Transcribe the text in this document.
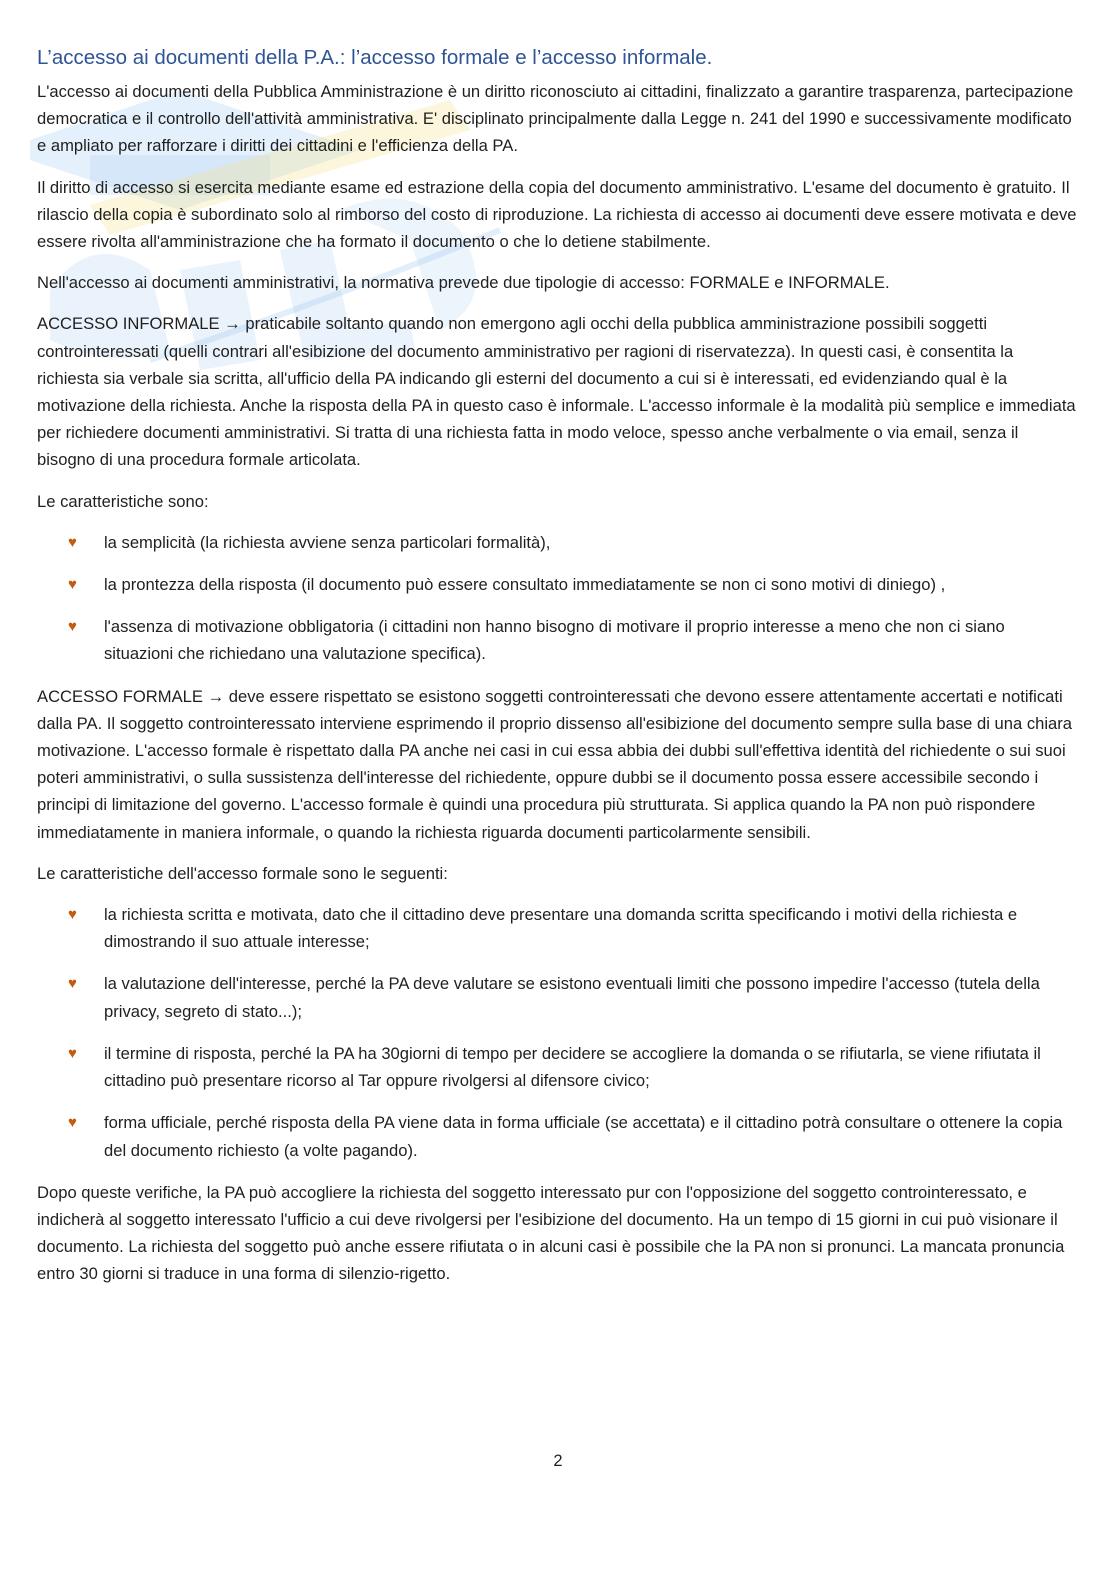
L’accesso ai documenti della P.A.: l’accesso formale e l’accesso informale.

L'accesso ai documenti della Pubblica Amministrazione è un diritto riconosciuto ai cittadini, finalizzato a garantire trasparenza, partecipazione democratica e il controllo dell'attività amministrativa. E' disciplinato principalmente dalla Legge n. 241 del 1990 e successivamente modificato e ampliato per rafforzare i diritti dei cittadini e l'efficienza della PA.

Il diritto di accesso si esercita mediante esame ed estrazione della copia del documento amministrativo. L'esame del documento è gratuito. Il rilascio della copia è subordinato solo al rimborso del costo di riproduzione. La richiesta di accesso ai documenti deve essere motivata e deve essere rivolta all'amministrazione che ha formato il documento o che lo detiene stabilmente.

Nell'accesso ai documenti amministrativi, la normativa prevede due tipologie di accesso: FORMALE e INFORMALE.

ACCESSO INFORMALE → praticabile soltanto quando non emergono agli occhi della pubblica amministrazione possibili soggetti controinteressati (quelli contrari all'esibizione del documento amministrativo per ragioni di riservatezza). In questi casi, è consentita la richiesta sia verbale sia scritta, all'ufficio della PA indicando gli esterni del documento a cui si è interessati, ed evidenziando qual è la motivazione della richiesta. Anche la risposta della PA in questo caso è informale. L'accesso informale è la modalità più semplice e immediata per richiedere documenti amministrativi. Si tratta di una richiesta fatta in modo veloce, spesso anche verbalmente o via email, senza il bisogno di una procedura formale articolata.

Le caratteristiche sono:

♥ la semplicità (la richiesta avviene senza particolari formalità),
♥ la prontezza della risposta (il documento può essere consultato immediatamente se non ci sono motivi di diniego) ,
♥ l'assenza di motivazione obbligatoria (i cittadini non hanno bisogno di motivare il proprio interesse a meno che non ci siano situazioni che richiedano una valutazione specifica).

ACCESSO FORMALE → deve essere rispettato se esistono soggetti controinteressati che devono essere attentamente accertati e notificati dalla PA. Il soggetto controinteressato interviene esprimendo il proprio dissenso all'esibizione del documento sempre sulla base di una chiara motivazione. L'accesso formale è rispettato dalla PA anche nei casi in cui essa abbia dei dubbi sull'effettiva identità del richiedente o sui suoi poteri amministrativi, o sulla sussistenza dell'interesse del richiedente, oppure dubbi se il documento possa essere accessibile secondo i principi di limitazione del governo. L'accesso formale è quindi una procedura più strutturata. Si applica quando la PA non può rispondere immediatamente in maniera informale, o quando la richiesta riguarda documenti particolarmente sensibili.

Le caratteristiche dell'accesso formale sono le seguenti:

♥ la richiesta scritta e motivata, dato che il cittadino deve presentare una domanda scritta specificando i motivi della richiesta e dimostrando il suo attuale interesse;
♥ la valutazione dell'interesse, perché la PA deve valutare se esistono eventuali limiti che possono impedire l'accesso (tutela della privacy, segreto di stato...);
♥ il termine di risposta, perché la PA ha 30giorni di tempo per decidere se accogliere la domanda o se rifiutarla, se viene rifiutata il cittadino può presentare ricorso al Tar oppure rivolgersi al difensore civico;
♥ forma ufficiale, perché risposta della PA viene data in forma ufficiale (se accettata) e il cittadino potrà consultare o ottenere la copia del documento richiesto (a volte pagando).

Dopo queste verifiche, la PA può accogliere la richiesta del soggetto interessato pur con l'opposizione del soggetto controinteressato, e indicherà al soggetto interessato l'ufficio a cui deve rivolgersi per l'esibizione del documento. Ha un tempo di 15 giorni in cui può visionare il documento. La richiesta del soggetto può anche essere rifiutata o in alcuni casi è possibile che la PA non si pronunci. La mancata pronuncia entro 30 giorni si traduce in una forma di silenzio-rigetto.

2
